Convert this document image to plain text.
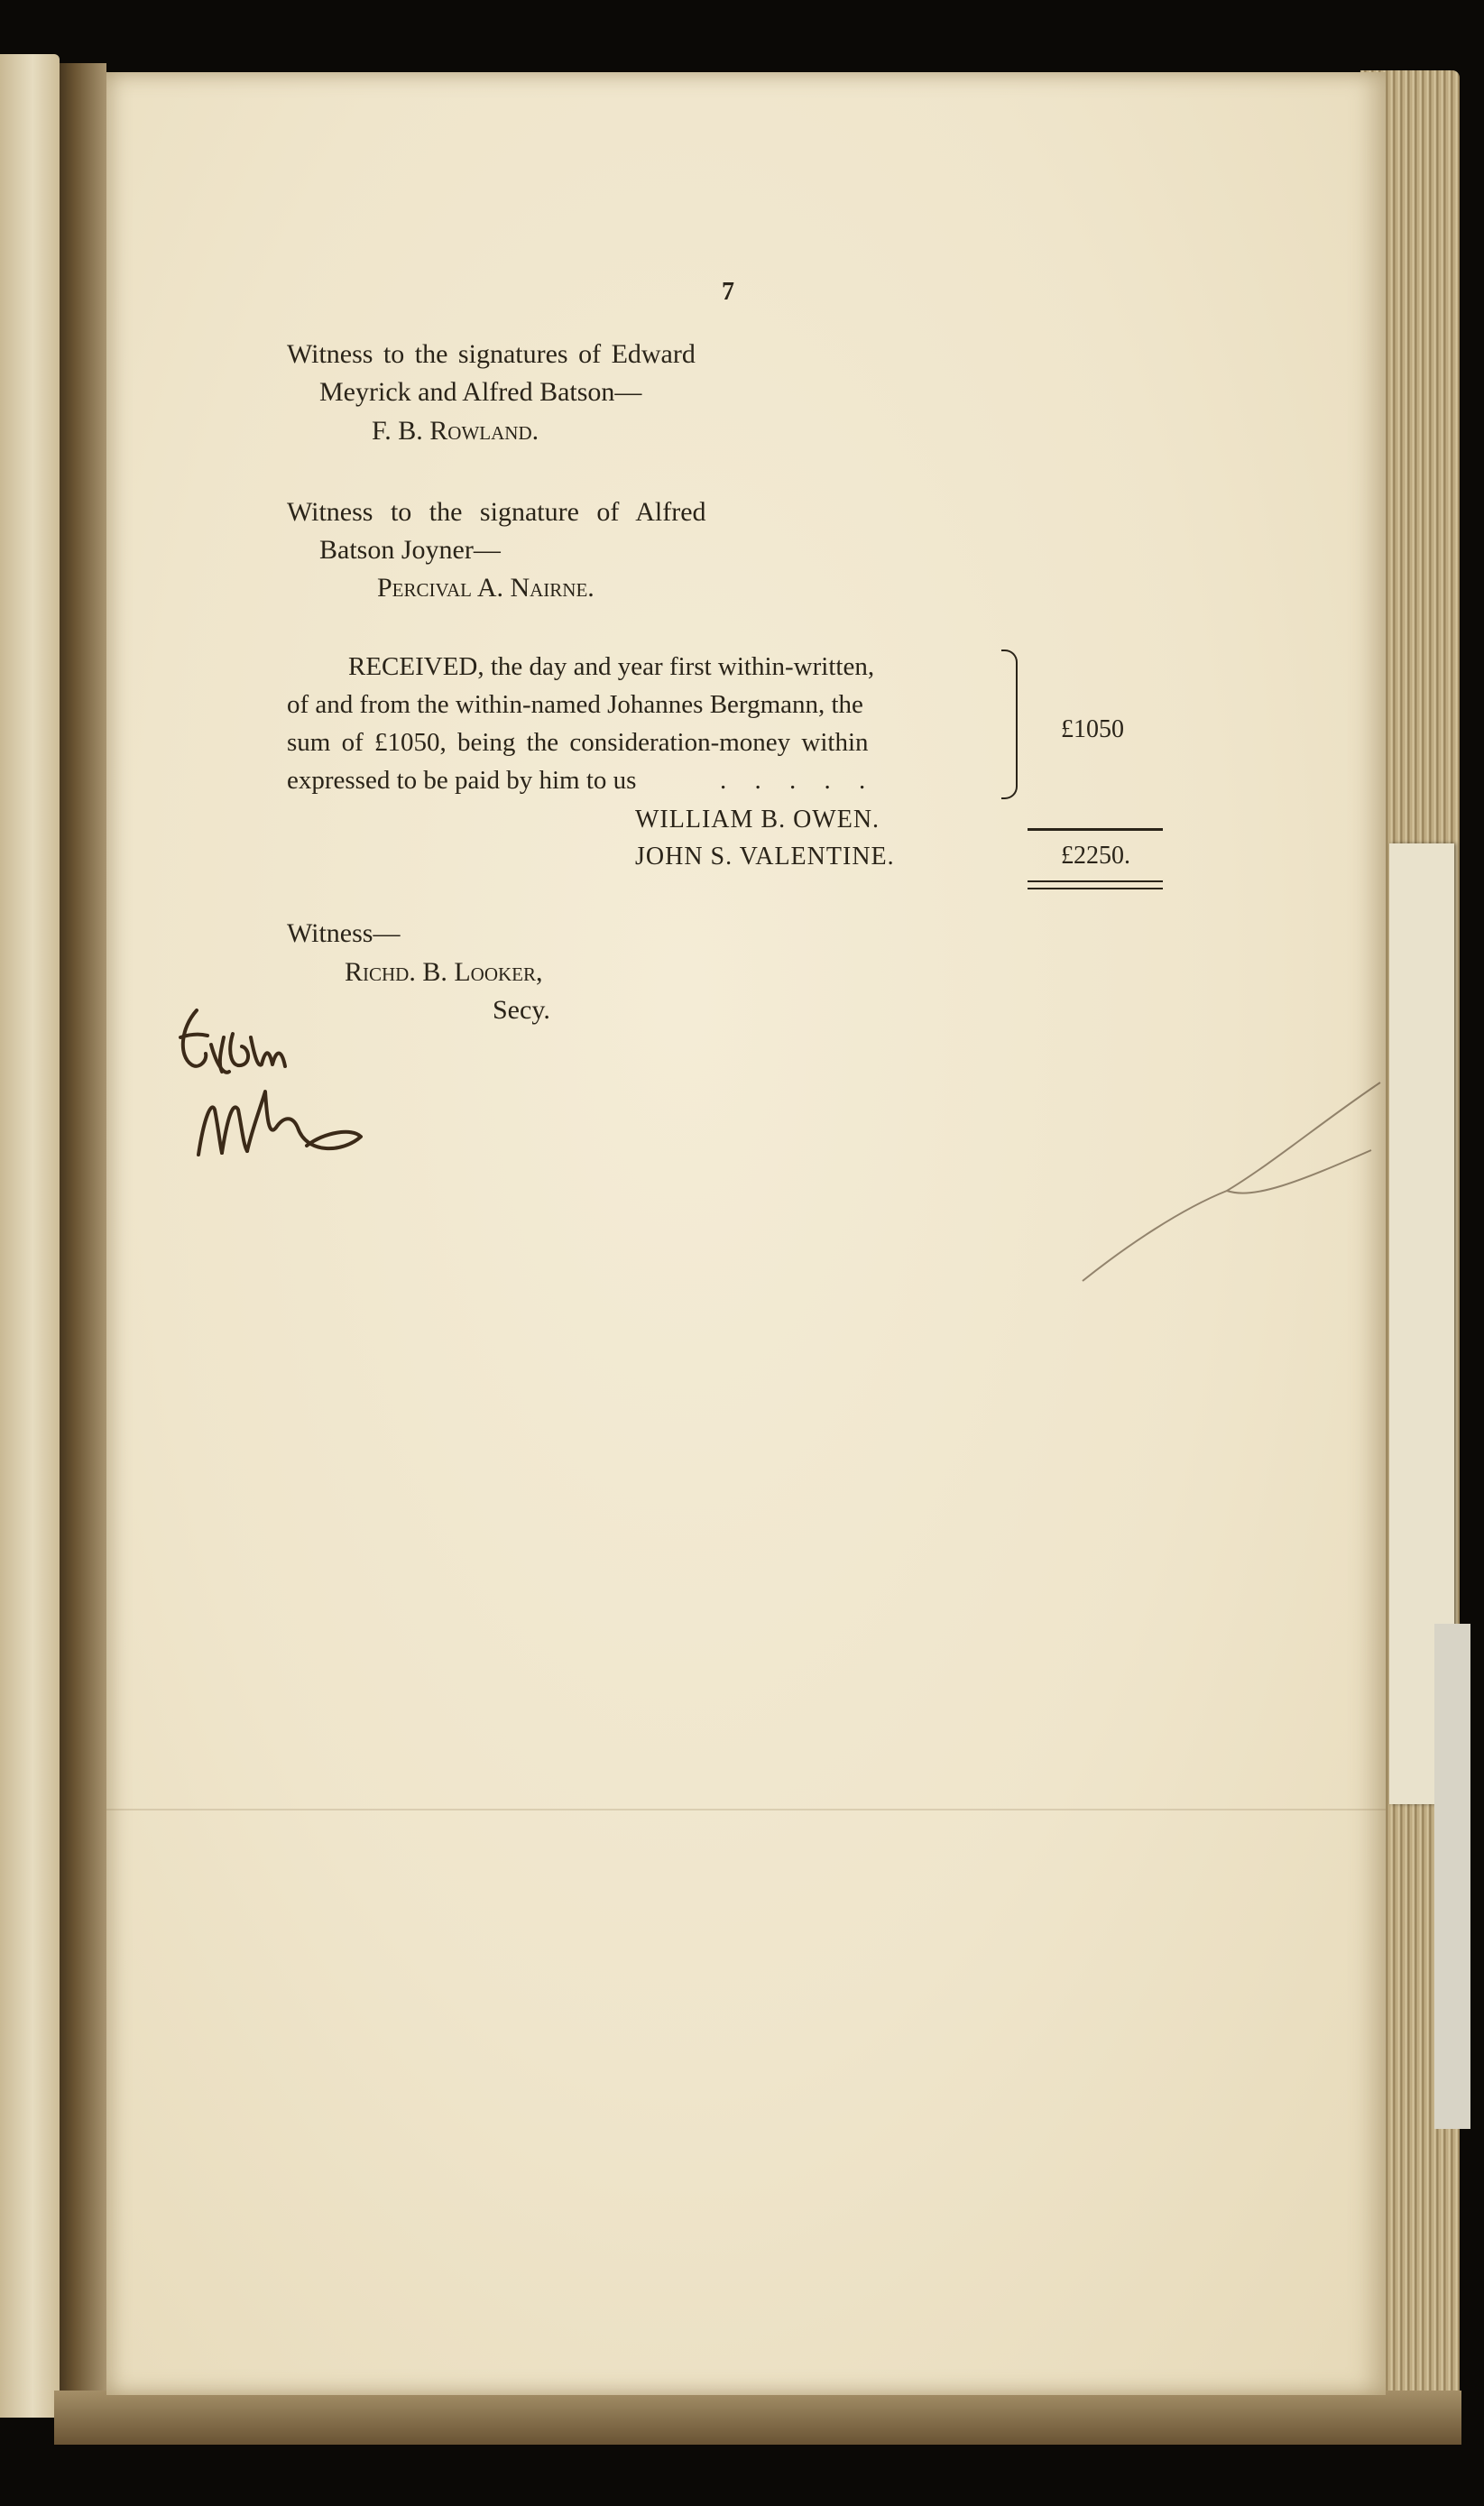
7
Witness to the signatures of Edward
Meyrick and Alfred Batson—
F. B. Rowland.
Witness to the signature of Alfred
Batson Joyner—
Percival A. Nairne.
RECEIVED, the day and year first within-written,
of and from the within-named Johannes Bergmann, the
sum of £1050, being the consideration-money within
expressed to be paid by him to us	. . . . .
£1050
WILLIAM B. OWEN.
JOHN S. VALENTINE.	£2250.
Witness—
Richd. B. Looker,
Secy.
